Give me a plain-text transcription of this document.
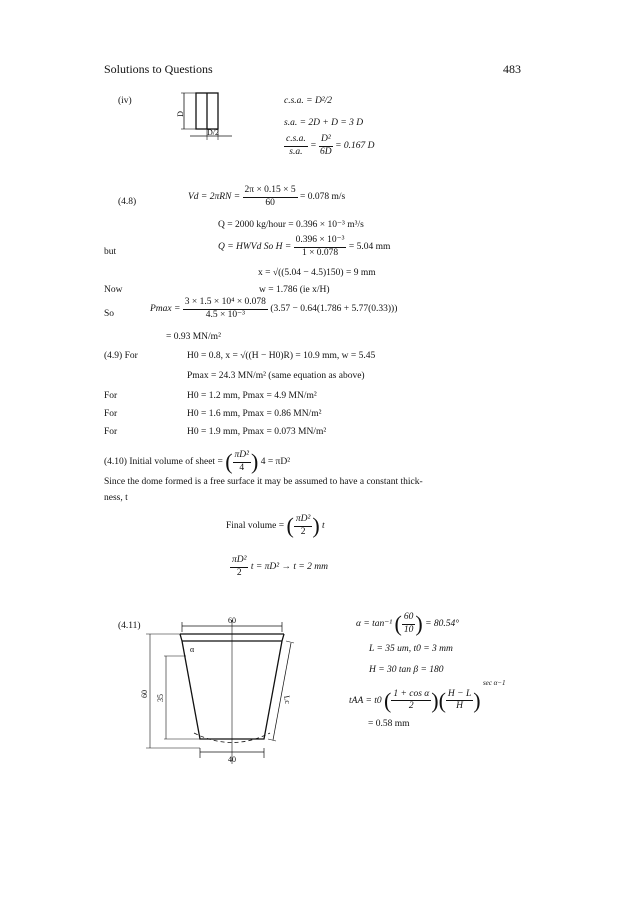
Solutions to Questions	483
(iv)
D
D/2
c.s.a. = D²/2
s.a. = 2D + D = 3 D
$\frac{c.s.a.}{s.a.} = \frac{\text{D²}}{6D} = 0.167$ D
(4.8)	$Vd = 2\pi RN = \frac{2\pi \times 0.15 \times 5}{60} = 0.078$ m/s
Q = 2000 kg/hour = 0.396 × 10⁻³ m³/s
but	Q = HWVd So $H = \frac{\text{0.396 × 10⁻³}}{1 \times 0.078} = 5.04$ mm
x = √((5.04 − 4.5)150) = 9 mm
Now	w = 1.786 (ie x/H)
So	$Pmax = \frac{\text{3 × 1.5 × 10⁴ × 0.078}}{\text{4.5 × 10⁻³}} (3.57 - 0.64(1.786 + 5.77(0.33)))$
= 0.93 MN/m²
(4.9) For	H0 = 0.8, x = √((H − H0)R) = 10.9 mm, w = 5.45
Pmax = 24.3 MN/m² (same equation as above)
For	H0 = 1.2 mm, Pmax = 4.9 MN/m²
For	H0 = 1.6 mm, Pmax = 0.86 MN/m²
For	H0 = 1.9 mm, Pmax = 0.073 MN/m²
(4.10) Initial volume of sheet = ( $\frac{\text{πD²}}{4}$ ) 4 = πD²
Since the dome formed is a free surface it may be assumed to have a constant thick-
ness, t
Final volume = ( $\frac{\text{πD²}}{2}$ ) t
$\frac{\text{πD²}}{2}$ t = πD² → t = 2 mm
(4.11)
60
35
60
α
40
Lc
α = tan⁻¹ ( $\frac{60}{10}$ ) = 80.54°
L = 35 um, t0 = 3 mm
H = 30 tan β = 180
tAA = t0 ( $\frac{\text{1 + cos α}}{2}$ )( $\frac{H - L}{H}$ ) $^{sec \alpha-1}$
= 0.58 mm
